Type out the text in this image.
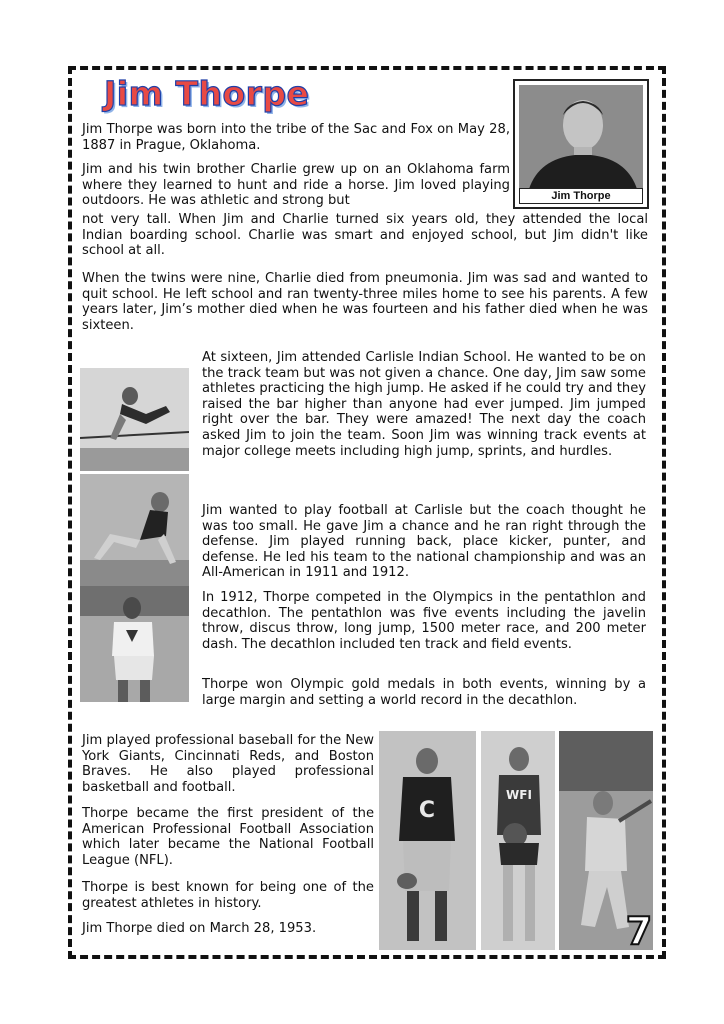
Jim Thorpe
Jim Thorpe
Jim Thorpe was born into the tribe of the Sac and Fox on May 28, 1887 in Prague, Oklahoma.
Jim and his twin brother Charlie grew up on an Oklahoma farm where they learned to hunt and ride a horse. Jim loved playing outdoors. He was athletic and strong but
not very tall. When Jim and Charlie turned six years old, they attended the local Indian boarding school. Charlie was smart and enjoyed school, but Jim didn't like school at all.
When the twins were nine, Charlie died from pneumonia. Jim was sad and wanted to quit school. He left school and ran twenty-three miles home to see his parents. A few years later, Jim’s mother died when he was fourteen and his father died when he was sixteen.
At sixteen, Jim attended Carlisle Indian School. He wanted to be on the track team but was not given a chance. One day, Jim saw some athletes practicing the high jump. He asked if he could try and they raised the bar higher than anyone had ever jumped. Jim jumped right over the bar. They were amazed! The next day the coach asked Jim to join the team. Soon Jim was winning track events at major college meets including high jump, sprints, and hurdles.
Jim wanted to play football at Carlisle but the coach thought he was too small. He gave Jim a chance and he ran right through the defense. Jim played running back, place kicker, punter, and defense. He led his team to the national championship and was an All-American in 1911 and 1912.
In 1912, Thorpe competed in the Olympics in the pentathlon and decathlon. The pentathlon was five events including the javelin throw, discus throw, long jump, 1500 meter race, and 200 meter dash. The decathlon included ten track and field events.
Thorpe won Olympic gold medals in both events, winning by a large margin and setting a world record in the decathlon.
Jim played professional baseball for the New York Giants, Cincinnati Reds, and Boston Braves. He also played professional basketball and football.
Thorpe became the first president of the American Professional Football Association which later became the National Football League (NFL).
Thorpe is best known for being one of the greatest athletes in history.
Jim Thorpe died on March 28, 1953.
C
WFI
7
